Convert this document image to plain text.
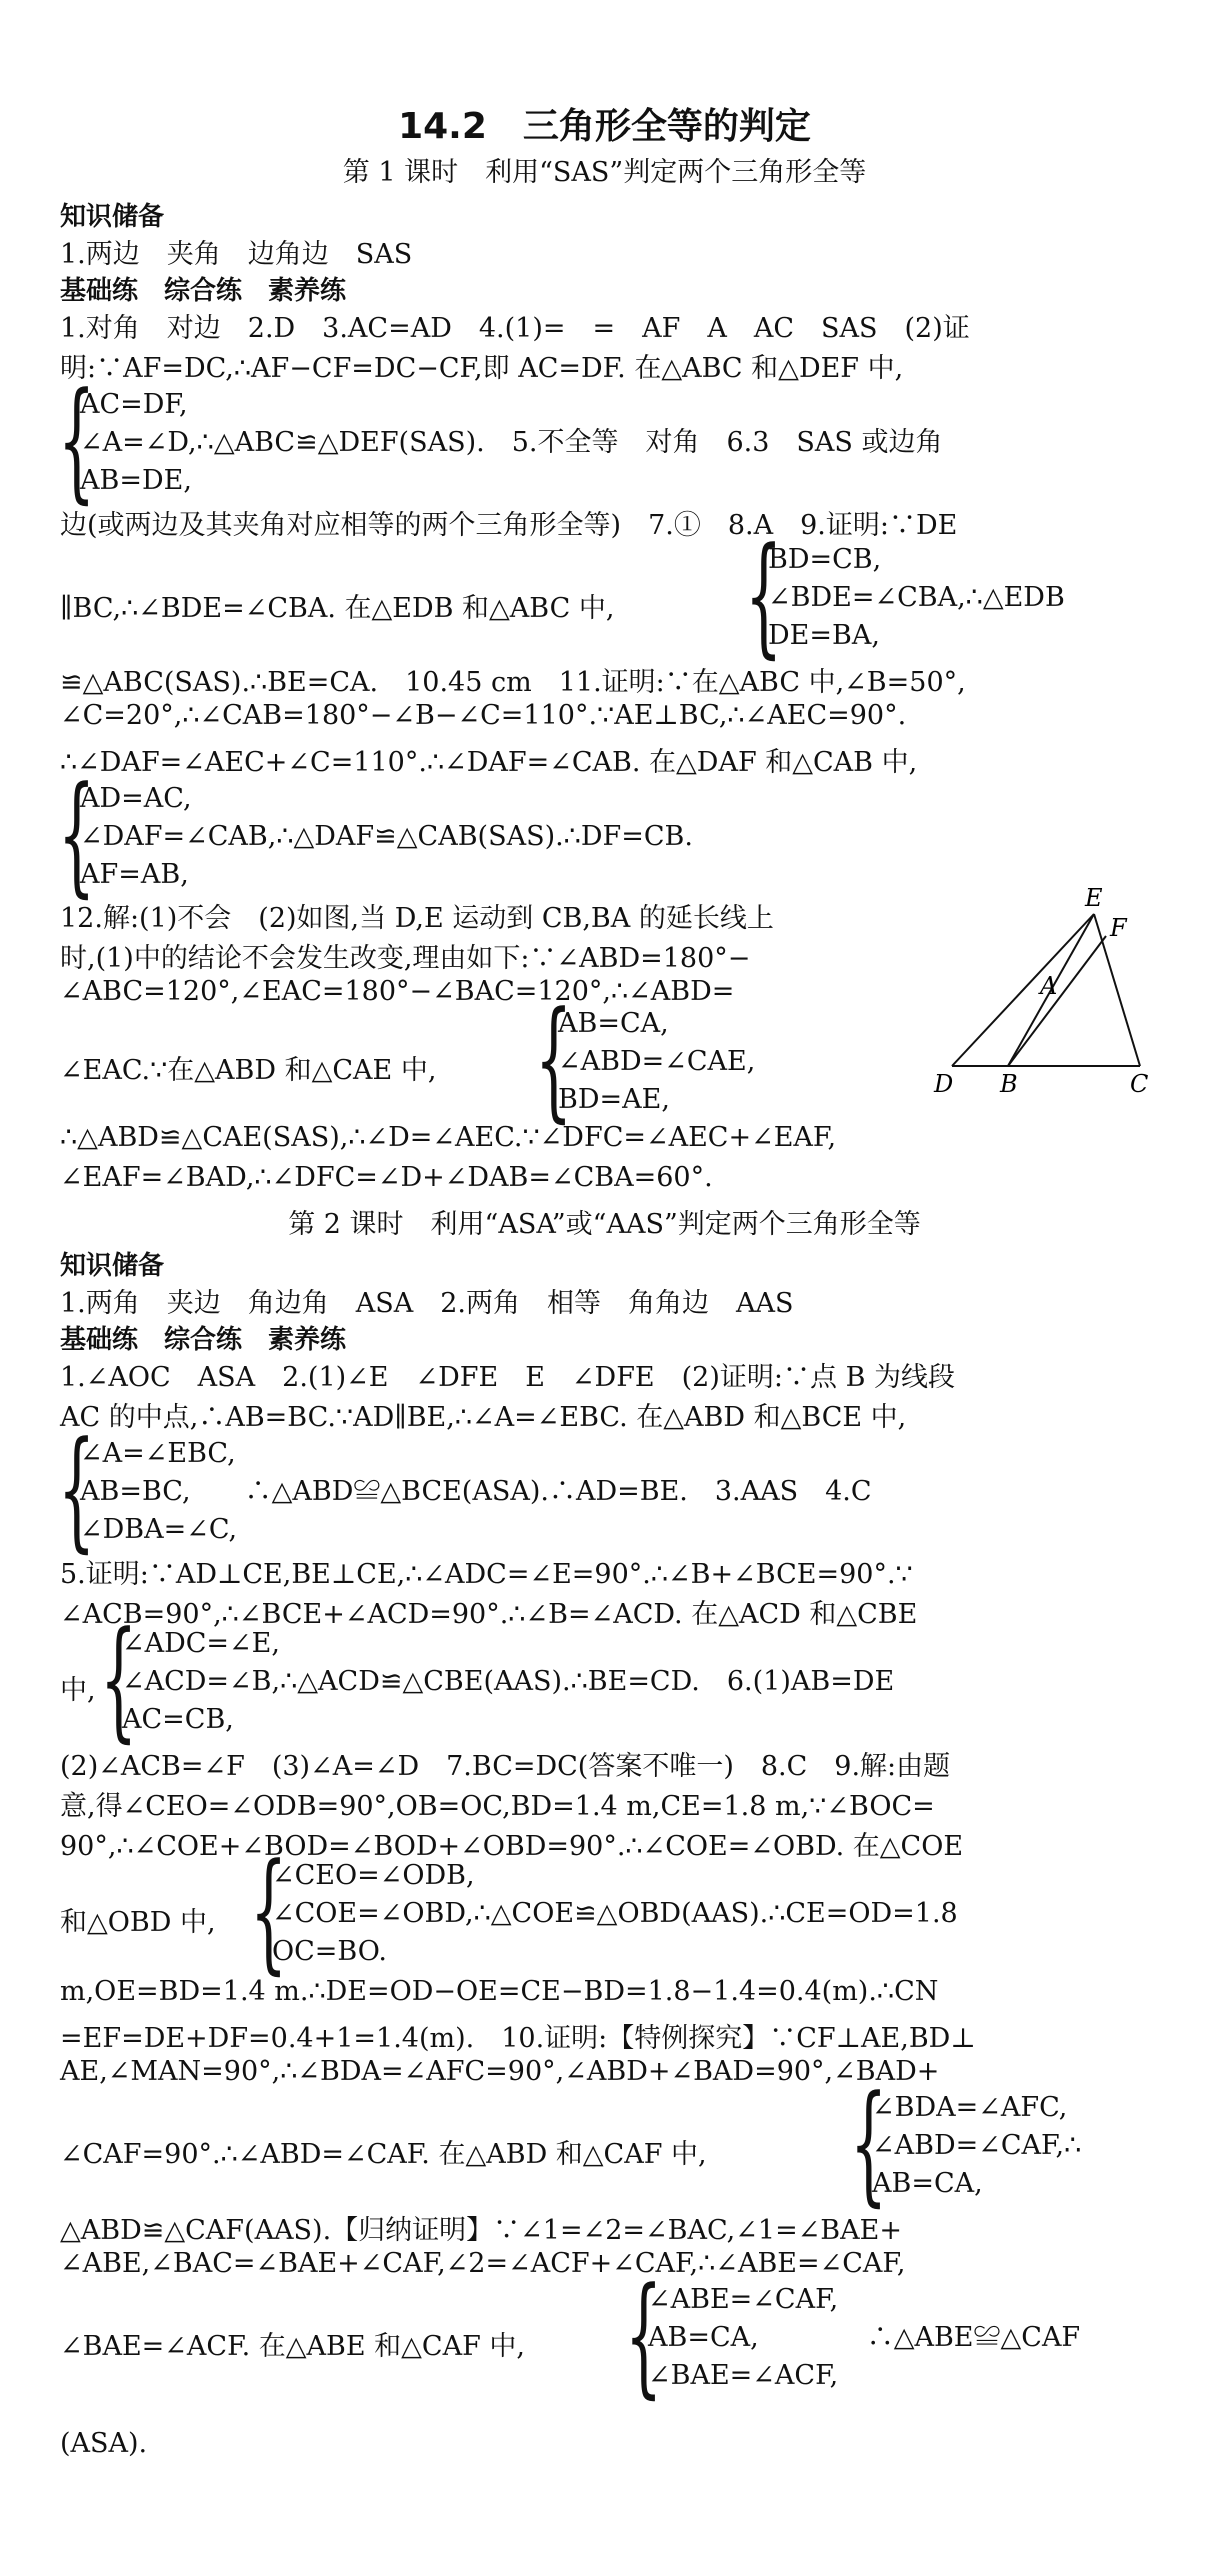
14.2　三角形全等的判定
第 1 课时　利用“SAS”判定两个三角形全等
知识储备
1.两边　夹角　边角边　SAS
基础练　综合练　素养练
1.对角　对边　2.D　3.AC=AD　4.(1)=　=　AF　A　AC　SAS　(2)证
明:∵AF=DC,∴AF−CF=DC−CF,即 AC=DF. 在△ABC 和△DEF 中,
{
AC=DF,
∠A=∠D,∴△ABC≌△DEF(SAS).　5.不全等　对角　6.3　SAS 或边角
AB=DE,
边(或两边及其夹角对应相等的两个三角形全等)　7.①　8.A　9.证明:∵DE
∥BC,∴∠BDE=∠CBA. 在△EDB 和△ABC 中, {
BD=CB,
∠BDE=∠CBA,∴△EDB
DE=BA,
≌△ABC(SAS).∴BE=CA.　10.45 cm　11.证明:∵在△ABC 中,∠B=50°,
∠C=20°,∴∠CAB=180°−∠B−∠C=110°.∵AE⊥BC,∴∠AEC=90°.
∴∠DAF=∠AEC+∠C=110°.∴∠DAF=∠CAB. 在△DAF 和△CAB 中,
{
AD=AC,
∠DAF=∠CAB,∴△DAF≌△CAB(SAS).∴DF=CB.
AF=AB,
12.解:(1)不会　(2)如图,当 D,E 运动到 CB,BA 的延长线上
时,(1)中的结论不会发生改变,理由如下:∵∠ABD=180°−
∠ABC=120°,∠EAC=180°−∠BAC=120°,∴∠ABD=
∠EAC.∵在△ABD 和△CAE 中, {
AB=CA,
∠ABD=∠CAE,
BD=AE,
E
F
A
D B	C
∴△ABD≌△CAE(SAS),∴∠D=∠AEC.∵∠DFC=∠AEC+∠EAF,
∠EAF=∠BAD,∴∠DFC=∠D+∠DAB=∠CBA=60°.
第 2 课时　利用“ASA”或“AAS”判定两个三角形全等
知识储备
1.两角　夹边　角边角　ASA　2.两角　相等　角角边　AAS
基础练　综合练　素养练
1.∠AOC　ASA　2.(1)∠E　∠DFE　E　∠DFE　(2)证明:∵点 B 为线段
AC 的中点,∴AB=BC.∵AD∥BE,∴∠A=∠EBC. 在△ABD 和△BCE 中,
{
∠A=∠EBC,
AB=BC,　　∴△ABD≌△BCE(ASA).∴AD=BE.　3.AAS　4.C
∠DBA=∠C,
5.证明:∵AD⊥CE,BE⊥CE,∴∠ADC=∠E=90°.∴∠B+∠BCE=90°.∵
∠ACB=90°,∴∠BCE+∠ACD=90°.∴∠B=∠ACD. 在△ACD 和△CBE
中, {
∠ADC=∠E,
∠ACD=∠B,∴△ACD≌△CBE(AAS).∴BE=CD.　6.(1)AB=DE
AC=CB,
(2)∠ACB=∠F　(3)∠A=∠D　7.BC=DC(答案不唯一)　8.C　9.解:由题
意,得∠CEO=∠ODB=90°,OB=OC,BD=1.4 m,CE=1.8 m,∵∠BOC=
90°,∴∠COE+∠BOD=∠BOD+∠OBD=90°.∴∠COE=∠OBD. 在△COE
和△OBD 中, {
∠CEO=∠ODB,
∠COE=∠OBD,∴△COE≌△OBD(AAS).∴CE=OD=1.8
OC=BO.
m,OE=BD=1.4 m.∴DE=OD−OE=CE−BD=1.8−1.4=0.4(m).∴CN
=EF=DE+DF=0.4+1=1.4(m).　10.证明:【特例探究】∵CF⊥AE,BD⊥
AE,∠MAN=90°,∴∠BDA=∠AFC=90°,∠ABD+∠BAD=90°,∠BAD+
∠CAF=90°.∴∠ABD=∠CAF. 在△ABD 和△CAF 中, {
∠BDA=∠AFC,
∠ABD=∠CAF,∴
AB=CA,
△ABD≌△CAF(AAS).【归纳证明】∵∠1=∠2=∠BAC,∠1=∠BAE+
∠ABE,∠BAC=∠BAE+∠CAF,∠2=∠ACF+∠CAF,∴∠ABE=∠CAF,
∠BAE=∠ACF. 在△ABE 和△CAF 中, {
∠ABE=∠CAF,
AB=CA,　　　　∴△ABE≌△CAF
∠BAE=∠ACF,
(ASA).
